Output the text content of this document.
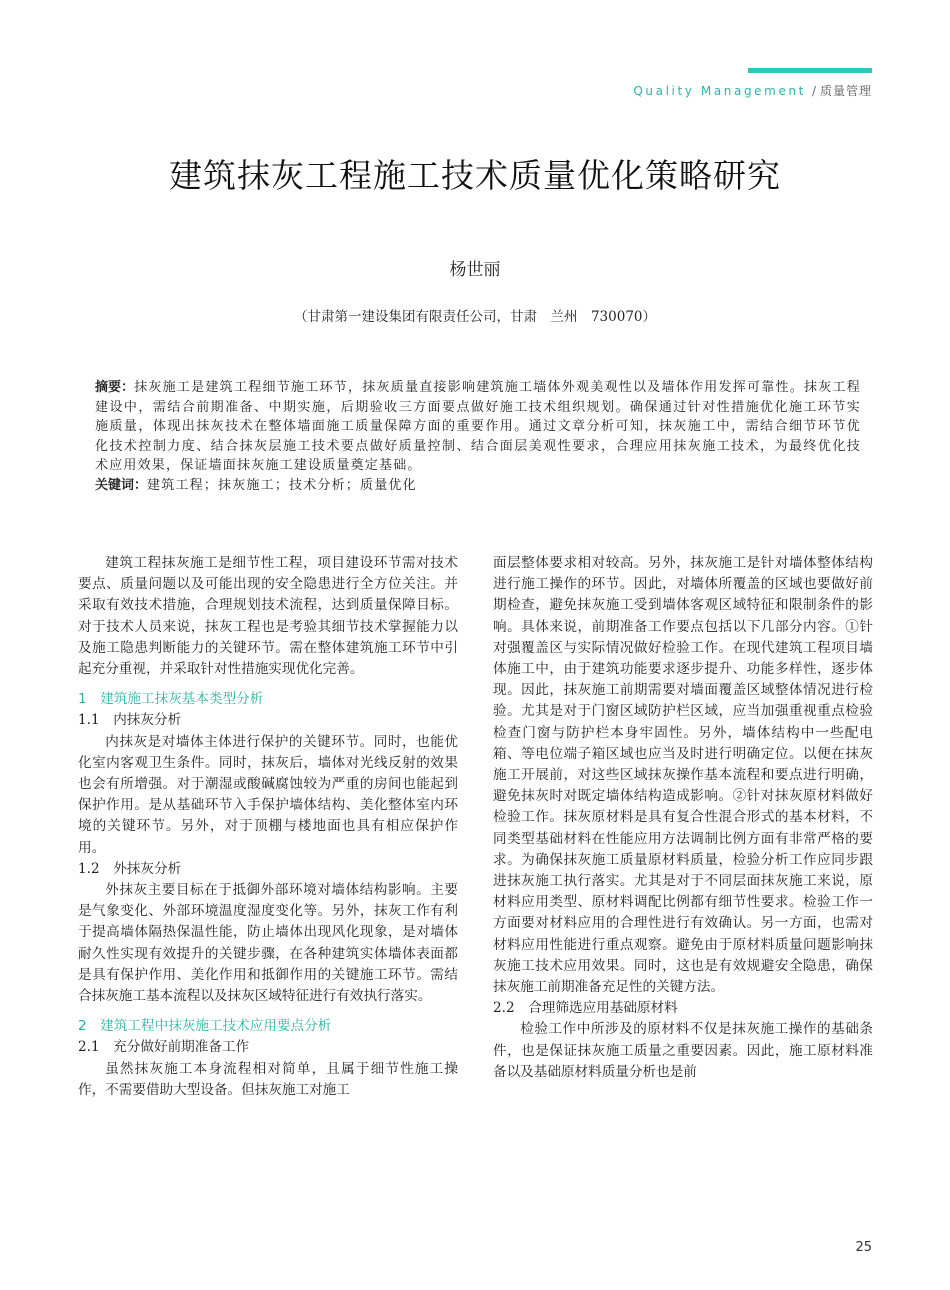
Quality Management / 质量管理
建筑抹灰工程施工技术质量优化策略研究
杨世丽
（甘肃第一建设集团有限责任公司，甘肃　兰州　730070）
摘要：抹灰施工是建筑工程细节施工环节，抹灰质量直接影响建筑施工墙体外观美观性以及墙体作用发挥可靠性。抹灰工程建设中，需结合前期准备、中期实施，后期验收三方面要点做好施工技术组织规划。确保通过针对性措施优化施工环节实施质量，体现出抹灰技术在整体墙面施工质量保障方面的重要作用。通过文章分析可知，抹灰施工中，需结合细节环节优化技术控制力度、结合抹灰层施工技术要点做好质量控制、结合面层美观性要求，合理应用抹灰施工技术，为最终优化技术应用效果，保证墙面抹灰施工建设质量奠定基础。
关键词：建筑工程；抹灰施工；技术分析；质量优化

建筑工程抹灰施工是细节性工程，项目建设环节需对技术要点、质量问题以及可能出现的安全隐患进行全方位关注。并采取有效技术措施，合理规划技术流程，达到质量保障目标。对于技术人员来说，抹灰工程也是考验其细节技术掌握能力以及施工隐患判断能力的关键环节。需在整体建筑施工环节中引起充分重视，并采取针对性措施实现优化完善。

1　建筑施工抹灰基本类型分析
1.1　内抹灰分析

内抹灰是对墙体主体进行保护的关键环节。同时，也能优化室内客观卫生条件。同时，抹灰后，墙体对光线反射的效果也会有所增强。对于潮湿或酸碱腐蚀较为严重的房间也能起到保护作用。是从基础环节入手保护墙体结构、美化整体室内环境的关键环节。另外，对于顶棚与楼地面也具有相应保护作用。

1.2　外抹灰分析

外抹灰主要目标在于抵御外部环境对墙体结构影响。主要是气象变化、外部环境温度湿度变化等。另外，抹灰工作有利于提高墙体隔热保温性能，防止墙体出现风化现象，是对墙体耐久性实现有效提升的关键步骤，在各种建筑实体墙体表面都是具有保护作用、美化作用和抵御作用的关键施工环节。需结合抹灰施工基本流程以及抹灰区域特征进行有效执行落实。

2　建筑工程中抹灰施工技术应用要点分析
2.1　充分做好前期准备工作

虽然抹灰施工本身流程相对简单，且属于细节性施工操作，不需要借助大型设备。但抹灰施工对施工

面层整体要求相对较高。另外，抹灰施工是针对墙体整体结构进行施工操作的环节。因此，对墙体所覆盖的区域也要做好前期检查，避免抹灰施工受到墙体客观区域特征和限制条件的影响。具体来说，前期准备工作要点包括以下几部分内容。①针对强覆盖区与实际情况做好检验工作。在现代建筑工程项目墙体施工中，由于建筑功能要求逐步提升、功能多样性，逐步体现。因此，抹灰施工前期需要对墙面覆盖区域整体情况进行检验。尤其是对于门窗区域防护栏区域，应当加强重视重点检验检查门窗与防护栏本身牢固性。另外，墙体结构中一些配电箱、等电位端子箱区域也应当及时进行明确定位。以便在抹灰施工开展前，对这些区域抹灰操作基本流程和要点进行明确，避免抹灰时对既定墙体结构造成影响。②针对抹灰原材料做好检验工作。抹灰原材料是具有复合性混合形式的基本材料，不同类型基础材料在性能应用方法调制比例方面有非常严格的要求。为确保抹灰施工质量原材料质量，检验分析工作应同步跟进抹灰施工执行落实。尤其是对于不同层面抹灰施工来说，原材料应用类型、原材料调配比例都有细节性要求。检验工作一方面要对材料应用的合理性进行有效确认。另一方面，也需对材料应用性能进行重点观察。避免由于原材料质量问题影响抹灰施工技术应用效果。同时，这也是有效规避安全隐患，确保抹灰施工前期准备充足性的关键方法。

2.2　合理筛选应用基础原材料

检验工作中所涉及的原材料不仅是抹灰施工操作的基础条件，也是保证抹灰施工质量之重要因素。因此，施工原材料准备以及基础原材料质量分析也是前

25
